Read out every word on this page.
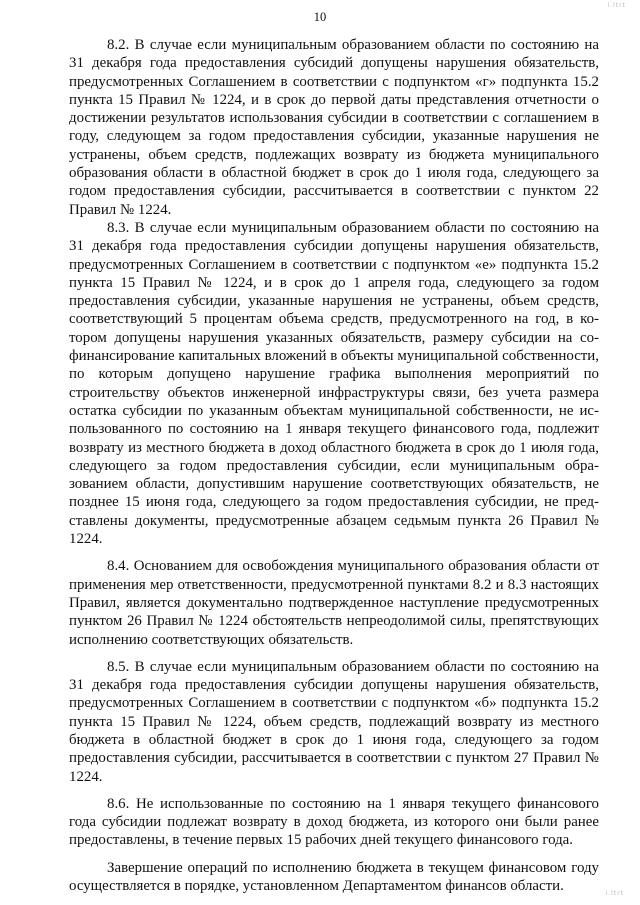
i.ltrt
10

8.2. В случае если муниципальным образованием области по состоянию на 31 декабря года предоставления субсидий допущены нарушения обязательств, предусмотренных Соглашением в соответствии с подпунктом «г» подпункта 15.2 пункта 15 Правил № 1224, и в срок до первой даты представления отчетности о достижении результатов использования субсидии в соответствии с соглашением в году, следующем за годом предоставления субсидии, указанные нарушения не устранены, объем средств, подлежащих возврату из бюджета муниципального образования области в областной бюджет в срок до 1 июля года, следующего за годом предоставления субсидии, рассчитывается в соответствии с пунктом 22 Правил № 1224.

8.3. В случае если муниципальным образованием области по состоянию на 31 декабря года предоставления субсидии допущены нарушения обязательств, предусмотренных Соглашением в соответствии с подпунктом «е» подпункта 15.2 пункта 15 Правил № 1224, и в срок до 1 апреля года, следующего за годом предоставления субсидии, указанные нарушения не устранены, объем средств, соответствующий 5 процентам объема средств, предусмотренного на год, в котором допущены нарушения указанных обязательств, размеру субсидии на софинансирование капитальных вложений в объекты муниципальной собственности, по которым допущено нарушение графика выполнения мероприятий по строительству объектов инженерной инфраструктуры связи, без учета размера остатка субсидии по указанным объектам муниципальной собственности, не использованного по состоянию на 1 января текущего финансового года, подлежит возврату из местного бюджета в доход областного бюджета в срок до 1 июля года, следующего за годом предоставления субсидии, если муниципальным образованием области, допустившим нарушение соответствующих обязательств, не позднее 15 июня года, следующего за годом предоставления субсидии, не представлены документы, предусмотренные абзацем седьмым пункта 26 Правил № 1224.

8.4. Основанием для освобождения муниципального образования области от применения мер ответственности, предусмотренной пунктами 8.2 и 8.3 настоящих Правил, является документально подтвержденное наступление предусмотренных пунктом 26 Правил № 1224 обстоятельств непреодолимой силы, препятствующих исполнению соответствующих обязательств.

8.5. В случае если муниципальным образованием области по состоянию на 31 декабря года предоставления субсидии допущены нарушения обязательств, предусмотренных Соглашением в соответствии с подпунктом «б» подпункта 15.2 пункта 15 Правил № 1224, объем средств, подлежащий возврату из местного бюджета в областной бюджет в срок до 1 июня года, следующего за годом предоставления субсидии, рассчитывается в соответствии с пунктом 27 Правил № 1224.

8.6. Не использованные по состоянию на 1 января текущего финансового года субсидии подлежат возврату в доход бюджета, из которого они были ранее предоставлены, в течение первых 15 рабочих дней текущего финансового года.

Завершение операций по исполнению бюджета в текущем финансовом году осуществляется в порядке, установленном Департаментом финансов области.	i.ltrt
